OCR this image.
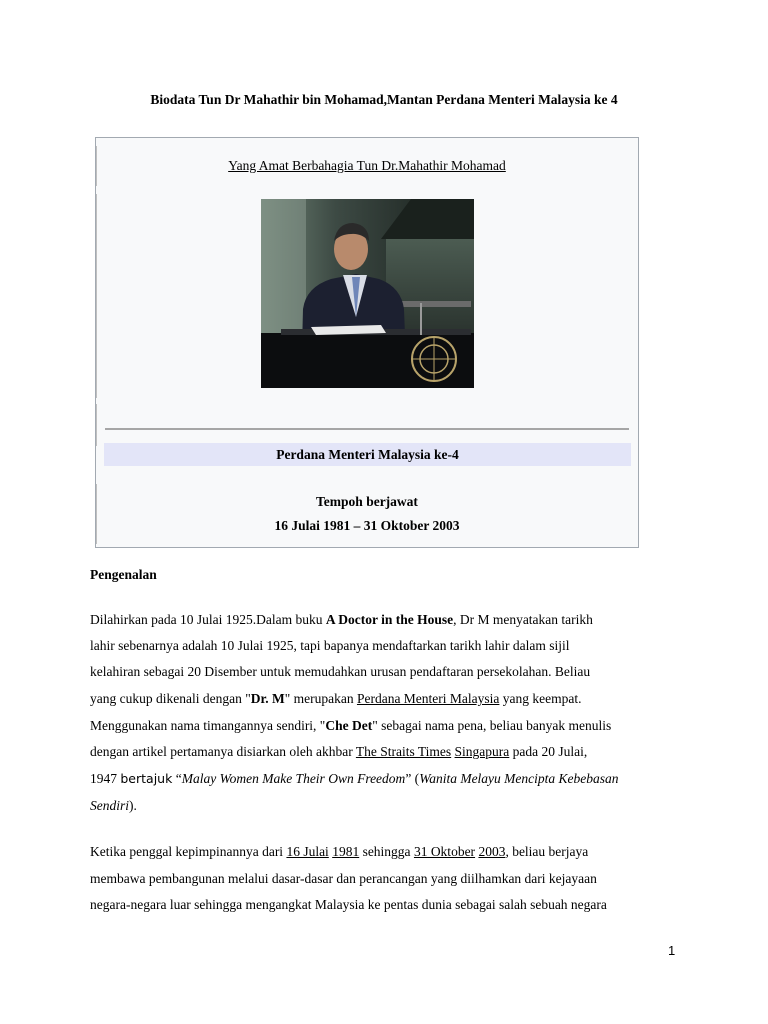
Biodata Tun Dr Mahathir bin Mohamad,Mantan Perdana Menteri Malaysia ke 4
Yang Amat Berbahagia Tun Dr.Mahathir Mohamad
Perdana Menteri Malaysia ke-4
Tempoh berjawat
16 Julai 1981 – 31 Oktober 2003
Pengenalan
Dilahirkan pada 10 Julai 1925.Dalam buku A Doctor in the House, Dr M menyatakan tarikh
lahir sebenarnya adalah 10 Julai 1925, tapi bapanya mendaftarkan tarikh lahir dalam sijil
kelahiran sebagai 20 Disember untuk memudahkan urusan pendaftaran persekolahan. Beliau
yang cukup dikenali dengan "Dr. M" merupakan Perdana Menteri Malaysia yang keempat.
Menggunakan nama timangannya sendiri, "Che Det" sebagai nama pena, beliau banyak menulis
dengan artikel pertamanya disiarkan oleh akhbar The Straits Times Singapura pada 20 Julai,
1947 bertajuk “Malay Women Make Their Own Freedom” (Wanita Melayu Mencipta Kebebasan
Sendiri).
Ketika penggal kepimpinannya dari 16 Julai 1981 sehingga 31 Oktober 2003, beliau berjaya
membawa pembangunan melalui dasar-dasar dan perancangan yang diilhamkan dari kejayaan
negara-negara luar sehingga mengangkat Malaysia ke pentas dunia sebagai salah sebuah negara
1
